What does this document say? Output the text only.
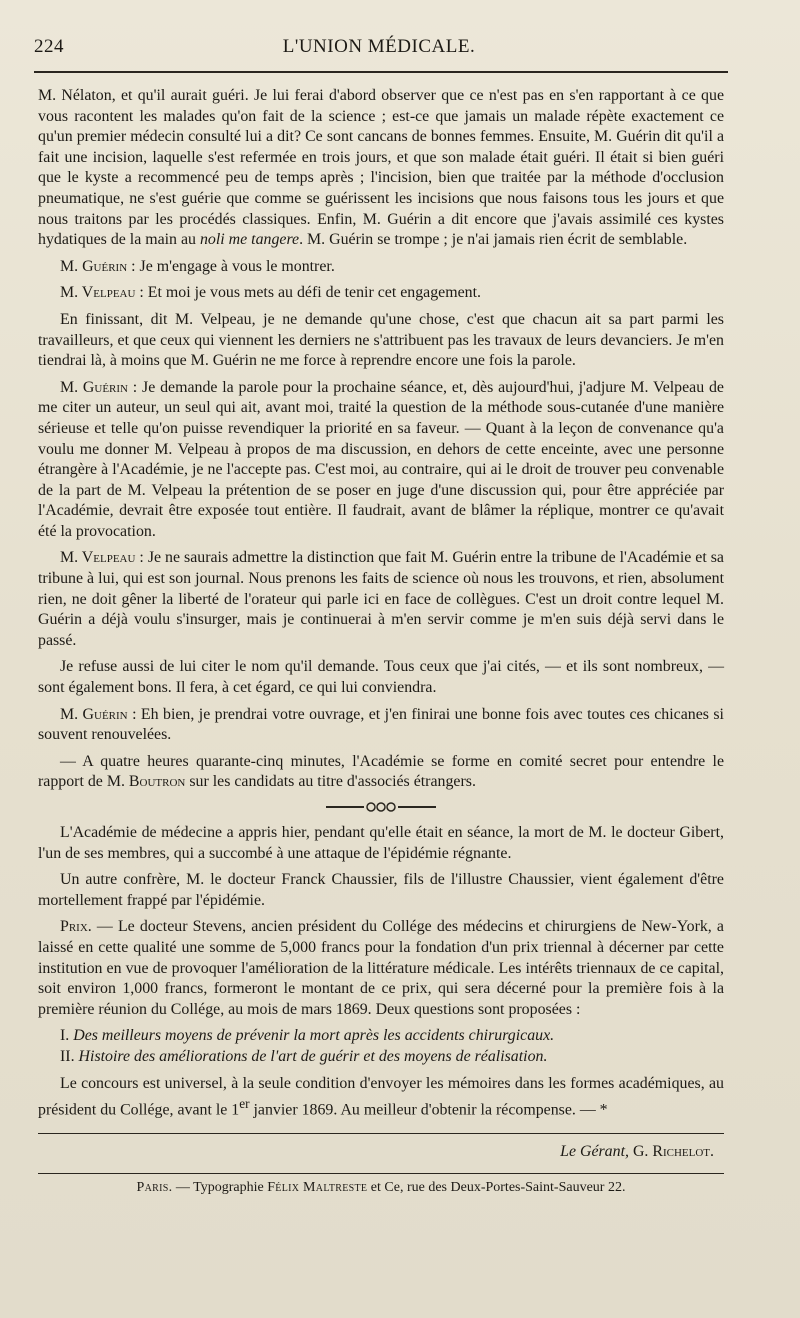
224	L'UNION MÉDICALE.

M. Nélaton, et qu'il aurait guéri. Je lui ferai d'abord observer que ce n'est pas en s'en rapportant à ce que vous racontent les malades qu'on fait de la science ; est-ce que jamais un malade répète exactement ce qu'un premier médecin consulté lui a dit? Ce sont cancans de bonnes femmes. Ensuite, M. Guérin dit qu'il a fait une incision, laquelle s'est refermée en trois jours, et que son malade était guéri. Il était si bien guéri que le kyste a recommencé peu de temps après ; l'incision, bien que traitée par la méthode d'occlusion pneumatique, ne s'est guérie que comme se guérissent les incisions que nous faisons tous les jours et que nous traitons par les procédés classiques. Enfin, M. Guérin a dit encore que j'avais assimilé ces kystes hydatiques de la main au noli me tangere. M. Guérin se trompe ; je n'ai jamais rien écrit de semblable.

M. Guérin : Je m'engage à vous le montrer.

M. Velpeau : Et moi je vous mets au défi de tenir cet engagement.

En finissant, dit M. Velpeau, je ne demande qu'une chose, c'est que chacun ait sa part parmi les travailleurs, et que ceux qui viennent les derniers ne s'attribuent pas les travaux de leurs devanciers. Je m'en tiendrai là, à moins que M. Guérin ne me force à reprendre encore une fois la parole.

M. Guérin : Je demande la parole pour la prochaine séance, et, dès aujourd'hui, j'adjure M. Velpeau de me citer un auteur, un seul qui ait, avant moi, traité la question de la méthode sous-cutanée d'une manière sérieuse et telle qu'on puisse revendiquer la priorité en sa faveur. — Quant à la leçon de convenance qu'a voulu me donner M. Velpeau à propos de ma discussion, en dehors de cette enceinte, avec une personne étrangère à l'Académie, je ne l'accepte pas. C'est moi, au contraire, qui ai le droit de trouver peu convenable de la part de M. Velpeau la prétention de se poser en juge d'une discussion qui, pour être appréciée par l'Académie, devrait être exposée tout entière. Il faudrait, avant de blâmer la réplique, montrer ce qu'avait été la provocation.

M. Velpeau : Je ne saurais admettre la distinction que fait M. Guérin entre la tribune de l'Académie et sa tribune à lui, qui est son journal. Nous prenons les faits de science où nous les trouvons, et rien, absolument rien, ne doit gêner la liberté de l'orateur qui parle ici en face de collègues. C'est un droit contre lequel M. Guérin a déjà voulu s'insurger, mais je continuerai à m'en servir comme je m'en suis déjà servi dans le passé.

Je refuse aussi de lui citer le nom qu'il demande. Tous ceux que j'ai cités, — et ils sont nombreux, — sont également bons. Il fera, à cet égard, ce qui lui conviendra.

M. Guérin : Eh bien, je prendrai votre ouvrage, et j'en finirai une bonne fois avec toutes ces chicanes si souvent renouvelées.

— A quatre heures quarante-cinq minutes, l'Académie se forme en comité secret pour entendre le rapport de M. Boutron sur les candidats au titre d'associés étrangers.

L'Académie de médecine a appris hier, pendant qu'elle était en séance, la mort de M. le docteur Gibert, l'un de ses membres, qui a succombé à une attaque de l'épidémie régnante.

Un autre confrère, M. le docteur Franck Chaussier, fils de l'illustre Chaussier, vient également d'être mortellement frappé par l'épidémie.

Prix. — Le docteur Stevens, ancien président du Collége des médecins et chirurgiens de New-York, a laissé en cette qualité une somme de 5,000 francs pour la fondation d'un prix triennal à décerner par cette institution en vue de provoquer l'amélioration de la littérature médicale. Les intérêts triennaux de ce capital, soit environ 1,000 francs, formeront le montant de ce prix, qui sera décerné pour la première fois à la première réunion du Collége, au mois de mars 1869. Deux questions sont proposées :

I. Des meilleurs moyens de prévenir la mort après les accidents chirurgicaux.

II. Histoire des améliorations de l'art de guérir et des moyens de réalisation.

Le concours est universel, à la seule condition d'envoyer les mémoires dans les formes académiques, au président du Collége, avant le 1er janvier 1869. Au meilleur d'obtenir la récompense. — *

Le Gérant, G. Richelot.
Paris. — Typographie Félix Maltreste et Ce, rue des Deux-Portes-Saint-Sauveur 22.
